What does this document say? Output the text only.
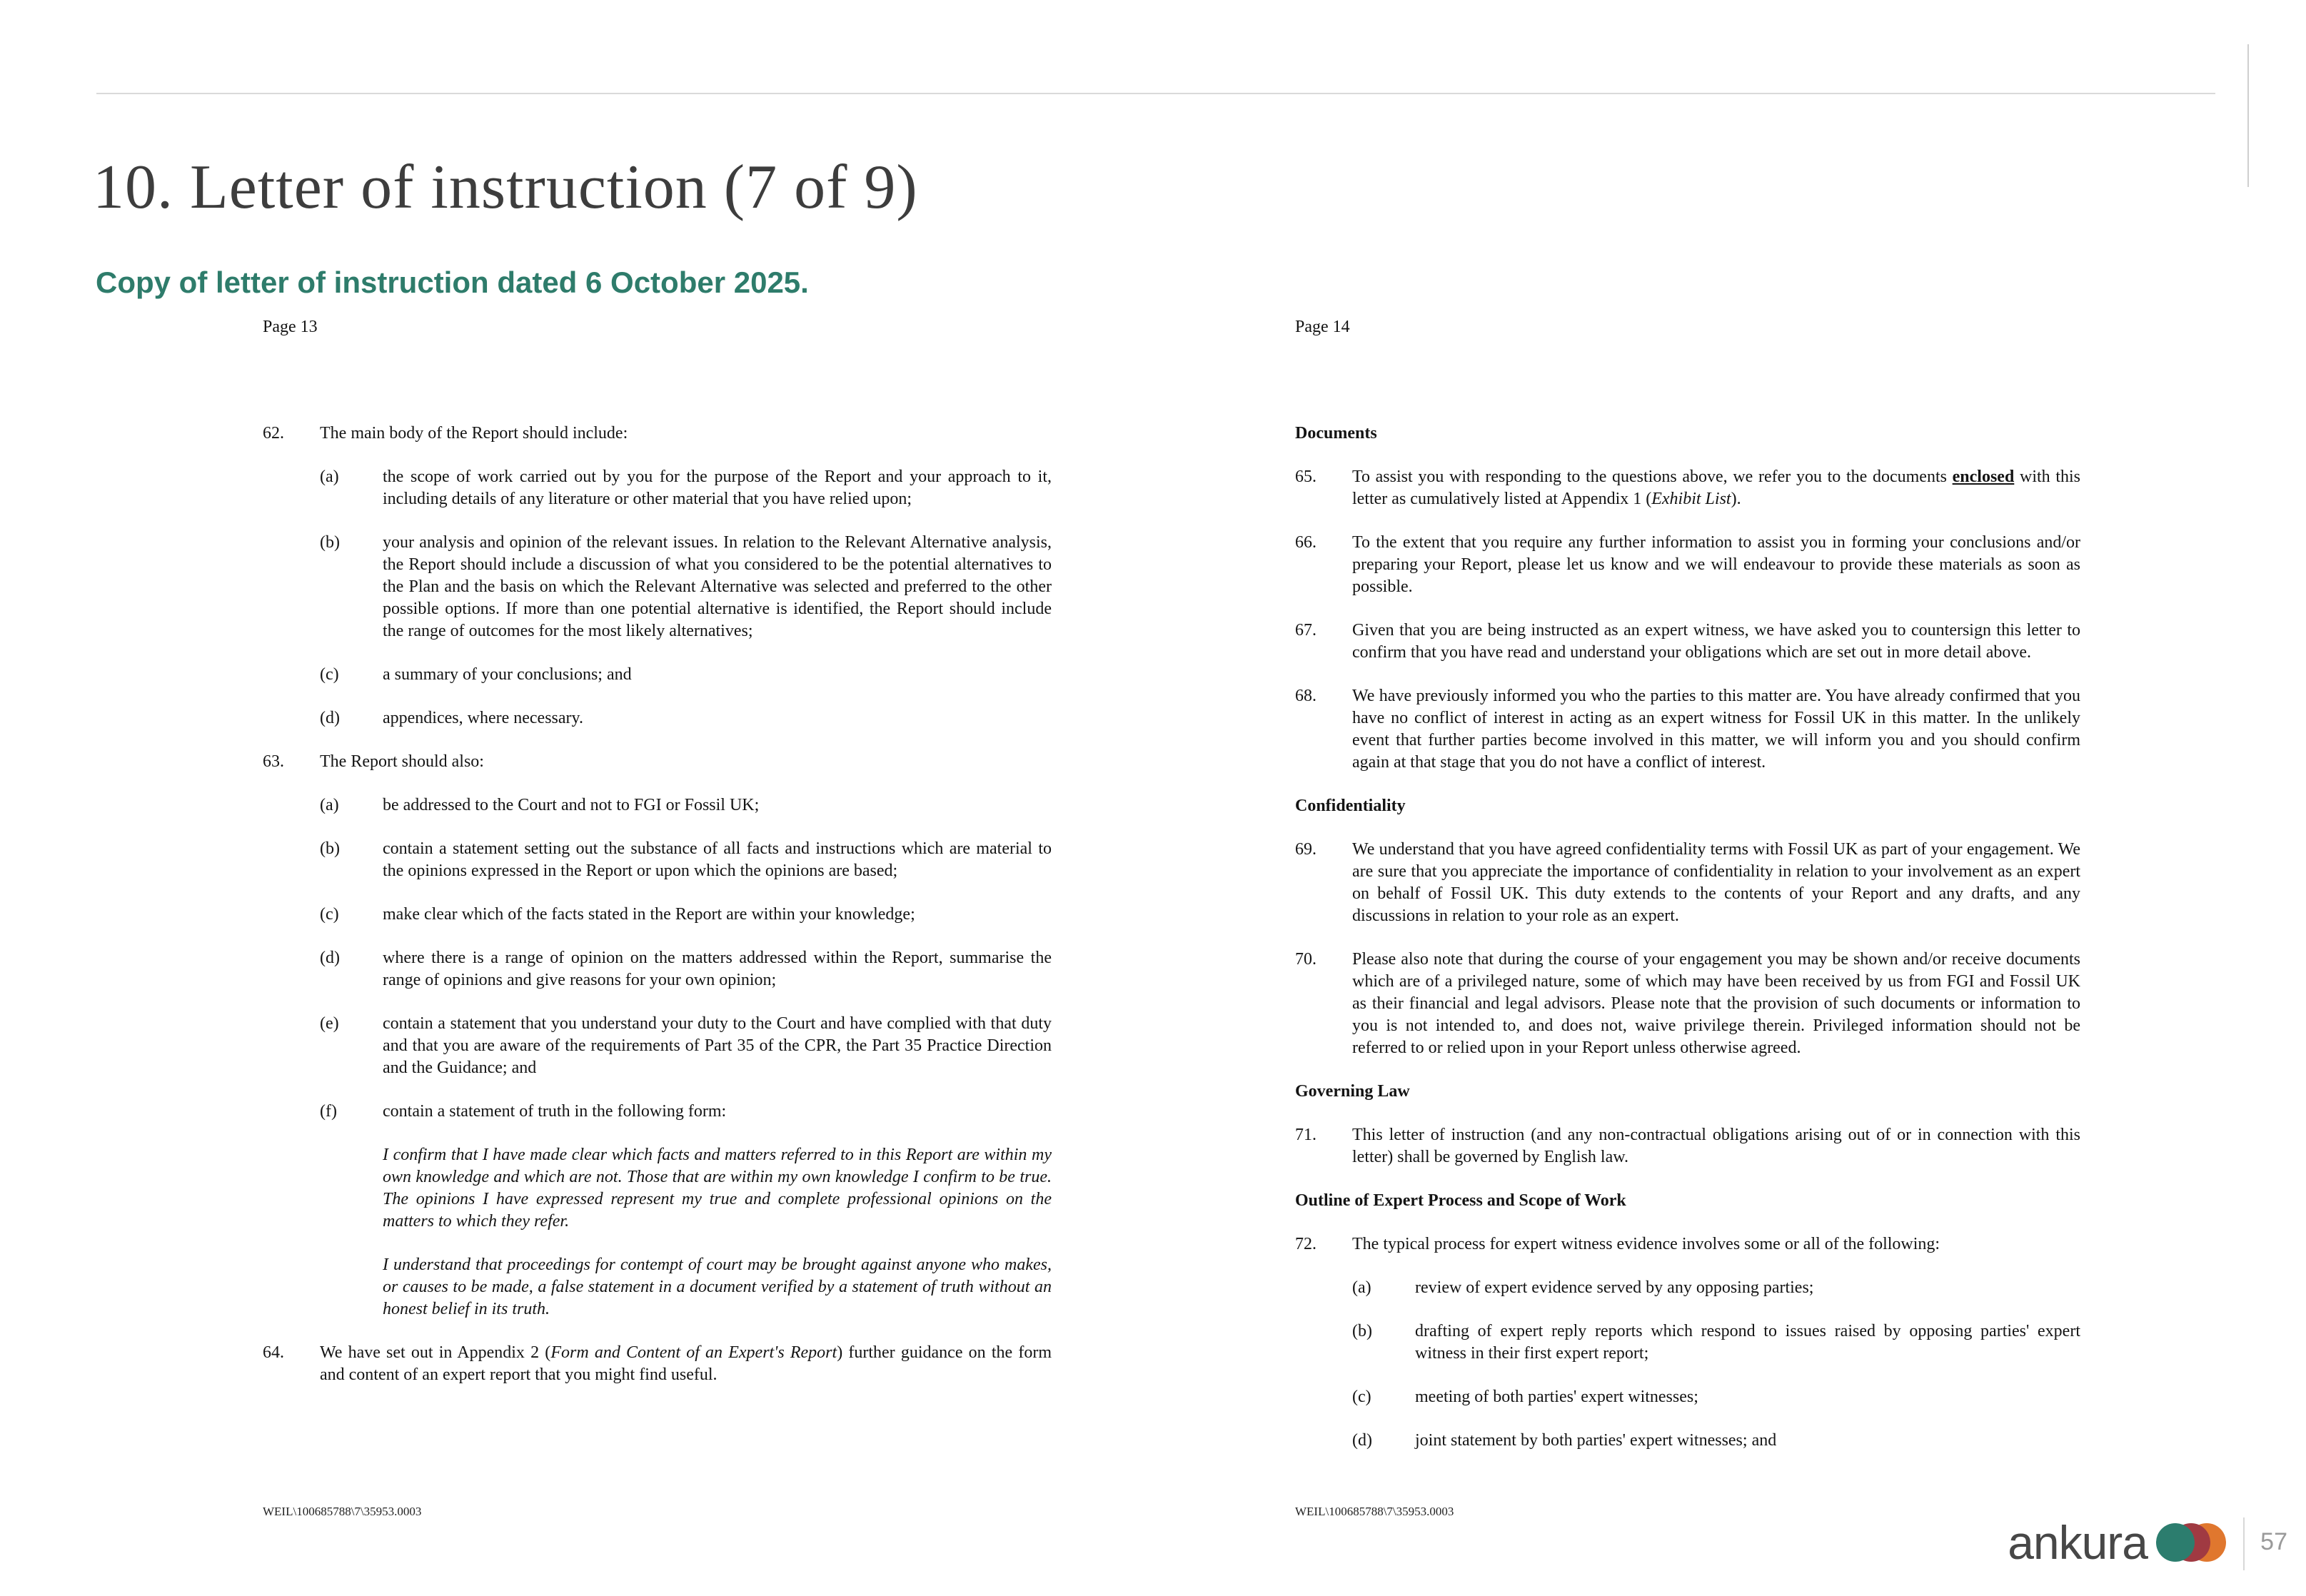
10. Letter of instruction (7 of 9)
Copy of letter of instruction dated 6 October 2025.
Page 13
62.	The main body of the Report should include:
(a)	the scope of work carried out by you for the purpose of the Report and your approach to it, including details of any literature or other material that you have relied upon;
(b)	your analysis and opinion of the relevant issues. In relation to the Relevant Alternative analysis, the Report should include a discussion of what you considered to be the potential alternatives to the Plan and the basis on which the Relevant Alternative was selected and preferred to the other possible options. If more than one potential alternative is identified, the Report should include the range of outcomes for the most likely alternatives;
(c)	a summary of your conclusions; and
(d)	appendices, where necessary.
63.	The Report should also:
(a)	be addressed to the Court and not to FGI or Fossil UK;
(b)	contain a statement setting out the substance of all facts and instructions which are material to the opinions expressed in the Report or upon which the opinions are based;
(c)	make clear which of the facts stated in the Report are within your knowledge;
(d)	where there is a range of opinion on the matters addressed within the Report, summarise the range of opinions and give reasons for your own opinion;
(e)	contain a statement that you understand your duty to the Court and have complied with that duty and that you are aware of the requirements of Part 35 of the CPR, the Part 35 Practice Direction and the Guidance; and
(f)	contain a statement of truth in the following form:
I confirm that I have made clear which facts and matters referred to in this Report are within my own knowledge and which are not. Those that are within my own knowledge I confirm to be true. The opinions I have expressed represent my true and complete professional opinions on the matters to which they refer.
I understand that proceedings for contempt of court may be brought against anyone who makes, or causes to be made, a false statement in a document verified by a statement of truth without an honest belief in its truth.
64.	We have set out in Appendix 2 (Form and Content of an Expert's Report) further guidance on the form and content of an expert report that you might find useful.
WEIL\100685788\7\35953.0003
Page 14
Documents
65.	To assist you with responding to the questions above, we refer you to the documents enclosed with this letter as cumulatively listed at Appendix 1 (Exhibit List).
66.	To the extent that you require any further information to assist you in forming your conclusions and/or preparing your Report, please let us know and we will endeavour to provide these materials as soon as possible.
67.	Given that you are being instructed as an expert witness, we have asked you to countersign this letter to confirm that you have read and understand your obligations which are set out in more detail above.
68.	We have previously informed you who the parties to this matter are. You have already confirmed that you have no conflict of interest in acting as an expert witness for Fossil UK in this matter. In the unlikely event that further parties become involved in this matter, we will inform you and you should confirm again at that stage that you do not have a conflict of interest.
Confidentiality
69.	We understand that you have agreed confidentiality terms with Fossil UK as part of your engagement. We are sure that you appreciate the importance of confidentiality in relation to your involvement as an expert on behalf of Fossil UK. This duty extends to the contents of your Report and any drafts, and any discussions in relation to your role as an expert.
70.	Please also note that during the course of your engagement you may be shown and/or receive documents which are of a privileged nature, some of which may have been received by us from FGI and Fossil UK as their financial and legal advisors. Please note that the provision of such documents or information to you is not intended to, and does not, waive privilege therein. Privileged information should not be referred to or relied upon in your Report unless otherwise agreed.
Governing Law
71.	This letter of instruction (and any non-contractual obligations arising out of or in connection with this letter) shall be governed by English law.
Outline of Expert Process and Scope of Work
72.	The typical process for expert witness evidence involves some or all of the following:
(a)	review of expert evidence served by any opposing parties;
(b)	drafting of expert reply reports which respond to issues raised by opposing parties' expert witness in their first expert report;
(c)	meeting of both parties' expert witnesses;
(d)	joint statement by both parties' expert witnesses; and
WEIL\100685788\7\35953.0003
ankura	57
